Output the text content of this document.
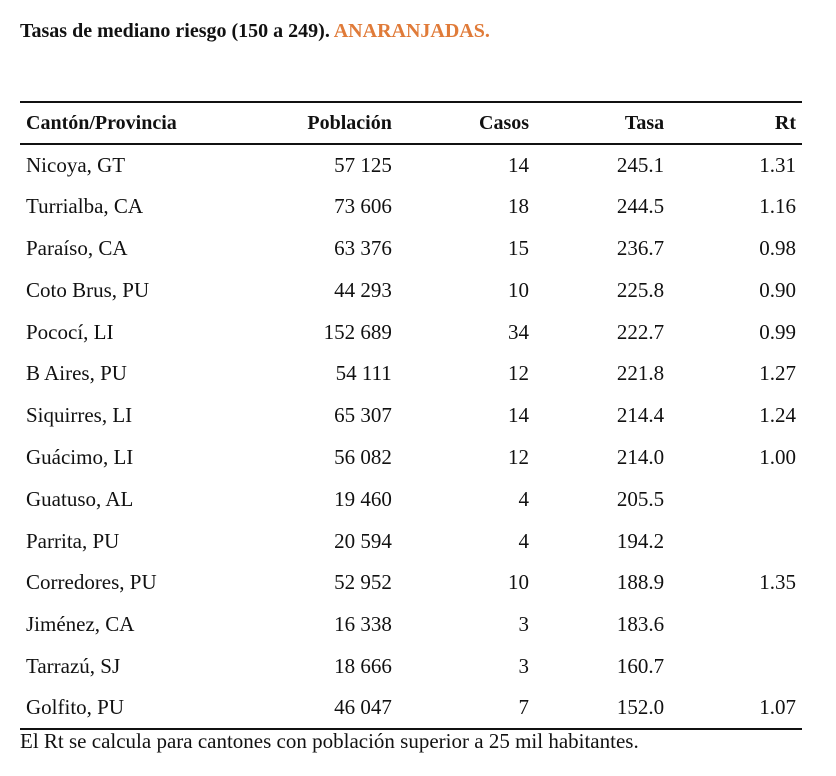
Tasas de mediano riesgo (150 a 249). ANARANJADAS.
Cantón/Provincia	Población	Casos	Tasa	Rt
Nicoya, GT	57 125	14	245.1	1.31
Turrialba, CA	73 606	18	244.5	1.16
Paraíso, CA	63 376	15	236.7	0.98
Coto Brus, PU	44 293	10	225.8	0.90
Pococí, LI	152 689	34	222.7	0.99
B Aires, PU	54 111	12	221.8	1.27
Siquirres, LI	65 307	14	214.4	1.24
Guácimo, LI	56 082	12	214.0	1.00
Guatuso, AL	19 460	4	205.5	
Parrita, PU	20 594	4	194.2	
Corredores, PU	52 952	10	188.9	1.35
Jiménez, CA	16 338	3	183.6	
Tarrazú, SJ	18 666	3	160.7	
Golfito, PU	46 047	7	152.0	1.07
El Rt se calcula para cantones con población superior a 25 mil habitantes.
